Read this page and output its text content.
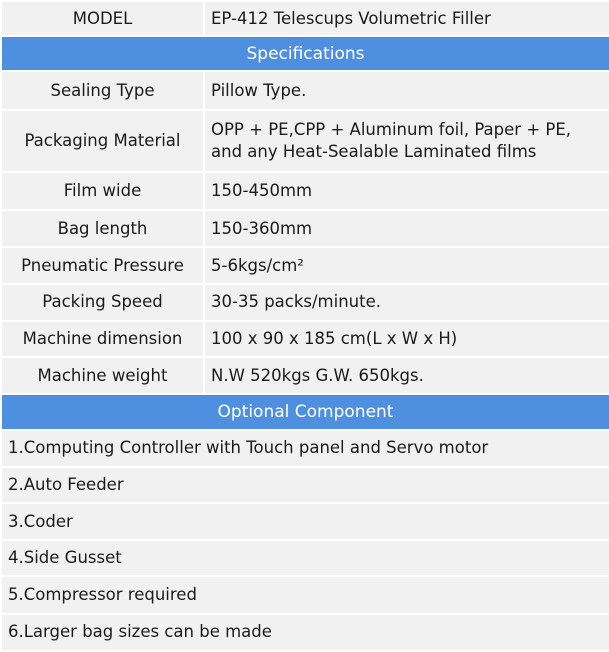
MODEL	EP-412 Telescups Volumetric Filler
Specifications	
Sealing Type	Pillow Type.
Packaging Material	OPP + PE,CPP + Aluminum foil, Paper + PE,
and any Heat-Sealable Laminated films

Film wide	150-450mm
Bag length	150-360mm
Pneumatic Pressure	5-6kgs/cm²
Packing Speed	30-35 packs/minute.
Machine dimension	100 x 90 x 185 cm(L x W x H)
Machine weight	N.W 520kgs G.W. 650kgs.
Optional Component	
1.Computing Controller with Touch panel and Servo motor	
2.Auto Feeder	
3.Coder	
4.Side Gusset	
5.Compressor required	
6.Larger bag sizes can be made	
